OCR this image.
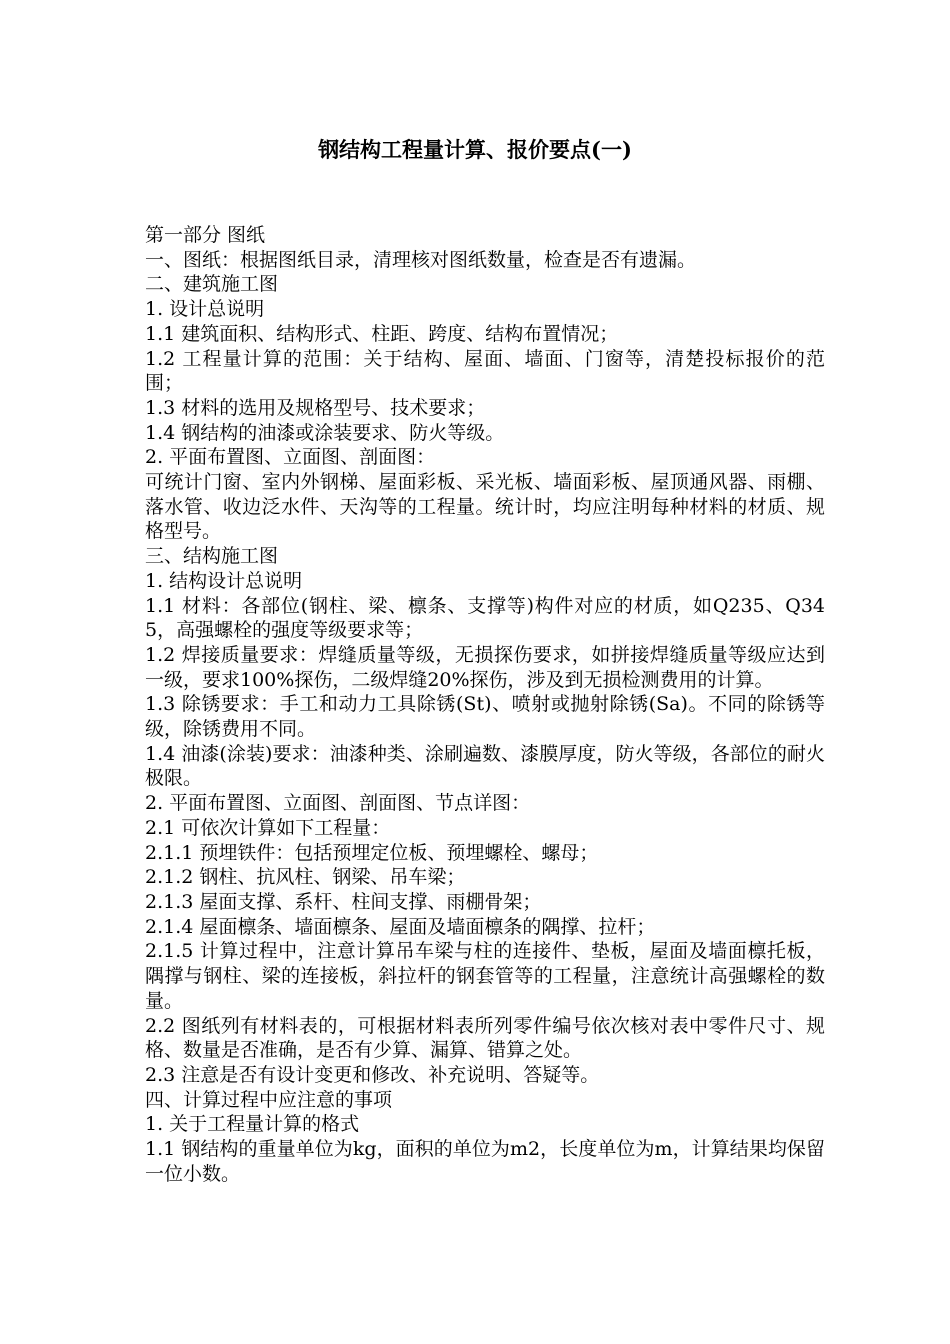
钢结构工程量计算、报价要点(一)

第一部分 图纸

一、图纸：根据图纸目录，清理核对图纸数量，检查是否有遗漏。

二、建筑施工图

1. 设计总说明

1.1 建筑面积、结构形式、柱距、跨度、结构布置情况；

1.2 工程量计算的范围：关于结构、屋面、墙面、门窗等，清楚投标报价的范围；

1.3 材料的选用及规格型号、技术要求；

1.4 钢结构的油漆或涂装要求、防火等级。

2. 平面布置图、立面图、剖面图：

可统计门窗、室内外钢梯、屋面彩板、采光板、墙面彩板、屋顶通风器、雨棚、落水管、收边泛水件、天沟等的工程量。统计时，均应注明每种材料的材质、规格型号。

三、结构施工图

1. 结构设计总说明

1.1 材料：各部位(钢柱、梁、檩条、支撑等)构件对应的材质，如Q235、Q345，高强螺栓的强度等级要求等；

1.2 焊接质量要求：焊缝质量等级，无损探伤要求，如拼接焊缝质量等级应达到一级，要求100%探伤，二级焊缝20%探伤，涉及到无损检测费用的计算。

1.3 除锈要求：手工和动力工具除锈(St)、喷射或抛射除锈(Sa)。不同的除锈等级，除锈费用不同。

1.4 油漆(涂装)要求：油漆种类、涂刷遍数、漆膜厚度，防火等级，各部位的耐火极限。

2. 平面布置图、立面图、剖面图、节点详图：

2.1 可依次计算如下工程量：

2.1.1 预埋铁件：包括预埋定位板、预埋螺栓、螺母；

2.1.2 钢柱、抗风柱、钢梁、吊车梁；

2.1.3 屋面支撑、系杆、柱间支撑、雨棚骨架；

2.1.4 屋面檩条、墙面檩条、屋面及墙面檩条的隅撑、拉杆；

2.1.5 计算过程中，注意计算吊车梁与柱的连接件、垫板，屋面及墙面檩托板，隅撑与钢柱、梁的连接板，斜拉杆的钢套管等的工程量，注意统计高强螺栓的数量。

2.2 图纸列有材料表的，可根据材料表所列零件编号依次核对表中零件尺寸、规格、数量是否准确，是否有少算、漏算、错算之处。

2.3 注意是否有设计变更和修改、补充说明、答疑等。

四、计算过程中应注意的事项

1. 关于工程量计算的格式

1.1 钢结构的重量单位为kg，面积的单位为m2，长度单位为m，计算结果均保留一位小数。
